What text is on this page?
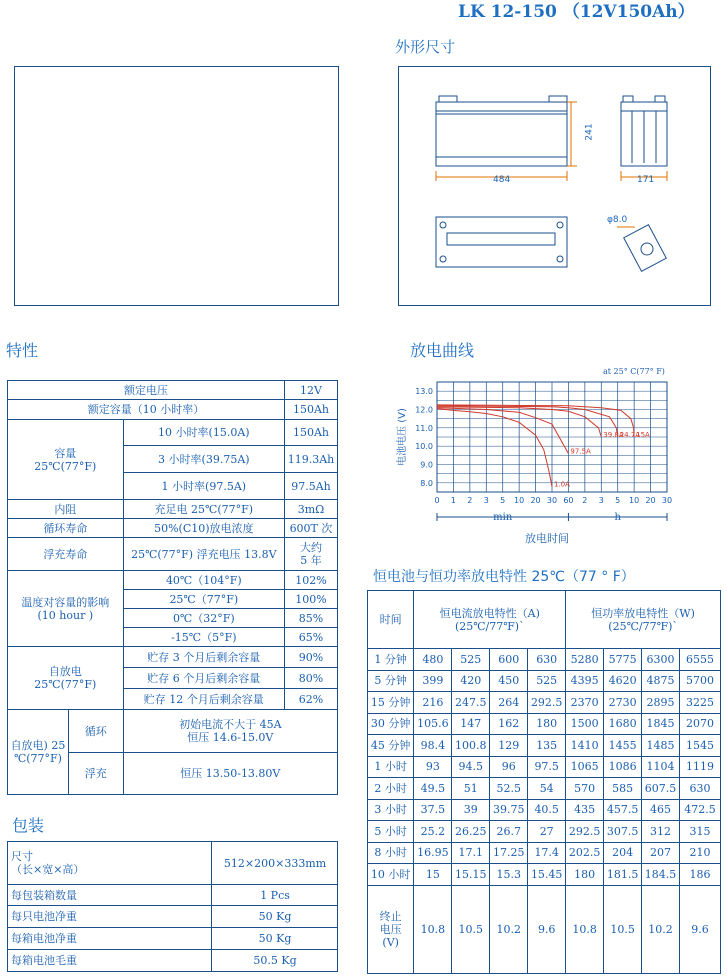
LK 12-150 （12V150Ah）
外形尺寸
特性	放电曲线
包装
恒电池与恒功率放电特性 25℃（77 ° F）
484
241
171
φ8.0
额定电压			12V
额定容量（10 小时率）			150Ah
容量
25℃(77°F)		10 小时率(15.0A)	150Ah
		3 小时率(39.75A)	119.3Ah
		1 小时率(97.5A)	97.5Ah
内阻		充足电 25℃(77°F)	3mΩ
循环寿命		50%(C10)放电浓度	600T 次
浮充寿命		25℃(77°F) 浮充电压 13.8V	大约
5 年
温度对容量的影响
(10 hour )		40℃（104°F)	102%
		25℃（77°F)	100%
		0℃（32°F)	85%
		-15℃（5°F)	65%
自放电
25℃(77°F)		贮存 3 个月后剩余容量	90%
		贮存 6 个月后剩余容量	80%
		贮存 12 个月后剩余容量	62%
自放电) 25
℃(77°F)	循环	初始电流不大于 45A
恒压 14.6-15.0V	
	浮充	恒压 13.50-13.80V	
尺寸
（长×宽×高）	512×200×333mm
每包装箱数量	1 Pcs
每只电池净重	50 Kg
每箱电池净重	50 Kg
每箱电池毛重	50.5 Kg
13.0
12.0
11.0
10.0
9.0
8.0
0 1 2 3 5 10 20 30 60 2 3 5 10 20 30
1.0A
97.5A
39.8A
24.7A
15A
at 25° C(77° F)
电池电压 (V)
min	h
放电时间
时间	恒电流放电特性（A)
(25℃/77℉)`				恒功率放电特性（W)
(25℃/77℉)`			
1 分钟	480	525	600	630	5280	5775	6300	6555
5 分钟	399	420	450	525	4395	4620	4875	5700
15 分钟	216	247.5	264	292.5	2370	2730	2895	3225
30 分钟	105.6	147	162	180	1500	1680	1845	2070
45 分钟	98.4	100.8	129	135	1410	1455	1485	1545
1 小时	93	94.5	96	97.5	1065	1086	1104	1119
2 小时	49.5	51	52.5	54	570	585	607.5	630
3 小时	37.5	39	39.75	40.5	435	457.5	465	472.5
5 小时	25.2	26.25	26.7	27	292.5	307.5	312	315
8 小时	16.95	17.1	17.25	17.4	202.5	204	207	210
10 小时	15	15.15	15.3	15.45	180	181.5	184.5	186
终止
电压
(V)	10.8	10.5	10.2	9.6	10.8	10.5	10.2	9.6
